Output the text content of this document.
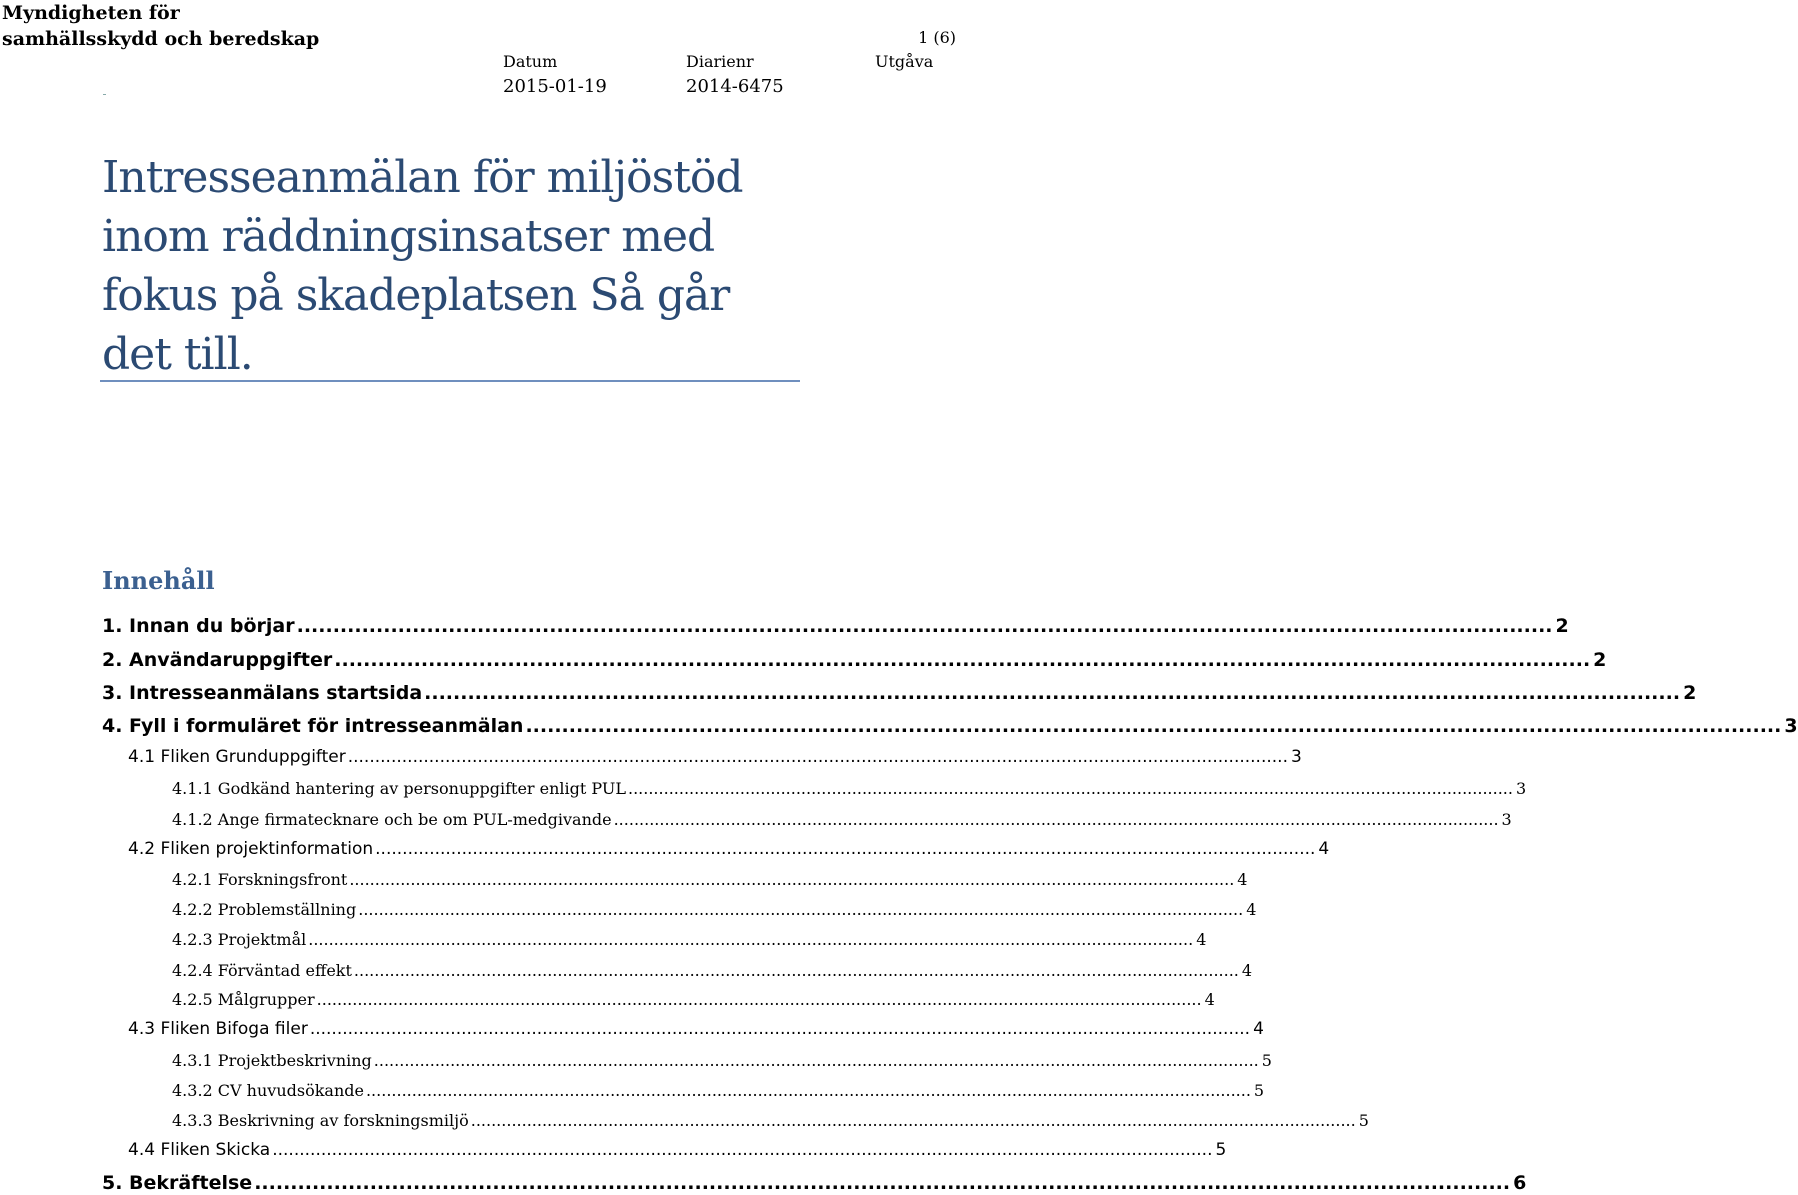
Myndigheten för
samhällsskydd och beredskap	1 (6)
Datum
2015-01-19
Diarienr
2014-6475
Utgåva
Intresseanmälan för miljöstöd
inom räddningsinsatser med
fokus på skadeplatsen Så går
det till.
Innehåll
1. Innan du börjar .............................................................................................................................................................................. 2
2. Användaruppgifter .............................................................................................................................................................................. 2
3. Intresseanmälans startsida .............................................................................................................................................................................. 2
4. Fyll i formuläret för intresseanmälan .............................................................................................................................................................................. 3
4.1 Fliken Grunduppgifter .............................................................................................................................................................................. 3
4.1.1 Godkänd hantering av personuppgifter enligt PUL .............................................................................................................................................................................. 3
4.1.2 Ange firmatecknare och be om PUL-medgivande .............................................................................................................................................................................. 3
4.2 Fliken projektinformation .............................................................................................................................................................................. 4
4.2.1 Forskningsfront .............................................................................................................................................................................. 4
4.2.2 Problemställning .............................................................................................................................................................................. 4
4.2.3 Projektmål .............................................................................................................................................................................. 4
4.2.4 Förväntad effekt .............................................................................................................................................................................. 4
4.2.5 Målgrupper .............................................................................................................................................................................. 4
4.3 Fliken Bifoga filer .............................................................................................................................................................................. 4
4.3.1 Projektbeskrivning .............................................................................................................................................................................. 5
4.3.2 CV huvudsökande .............................................................................................................................................................................. 5
4.3.3 Beskrivning av forskningsmiljö .............................................................................................................................................................................. 5
4.4 Fliken Skicka .............................................................................................................................................................................. 5
5. Bekräftelse .............................................................................................................................................................................. 6
